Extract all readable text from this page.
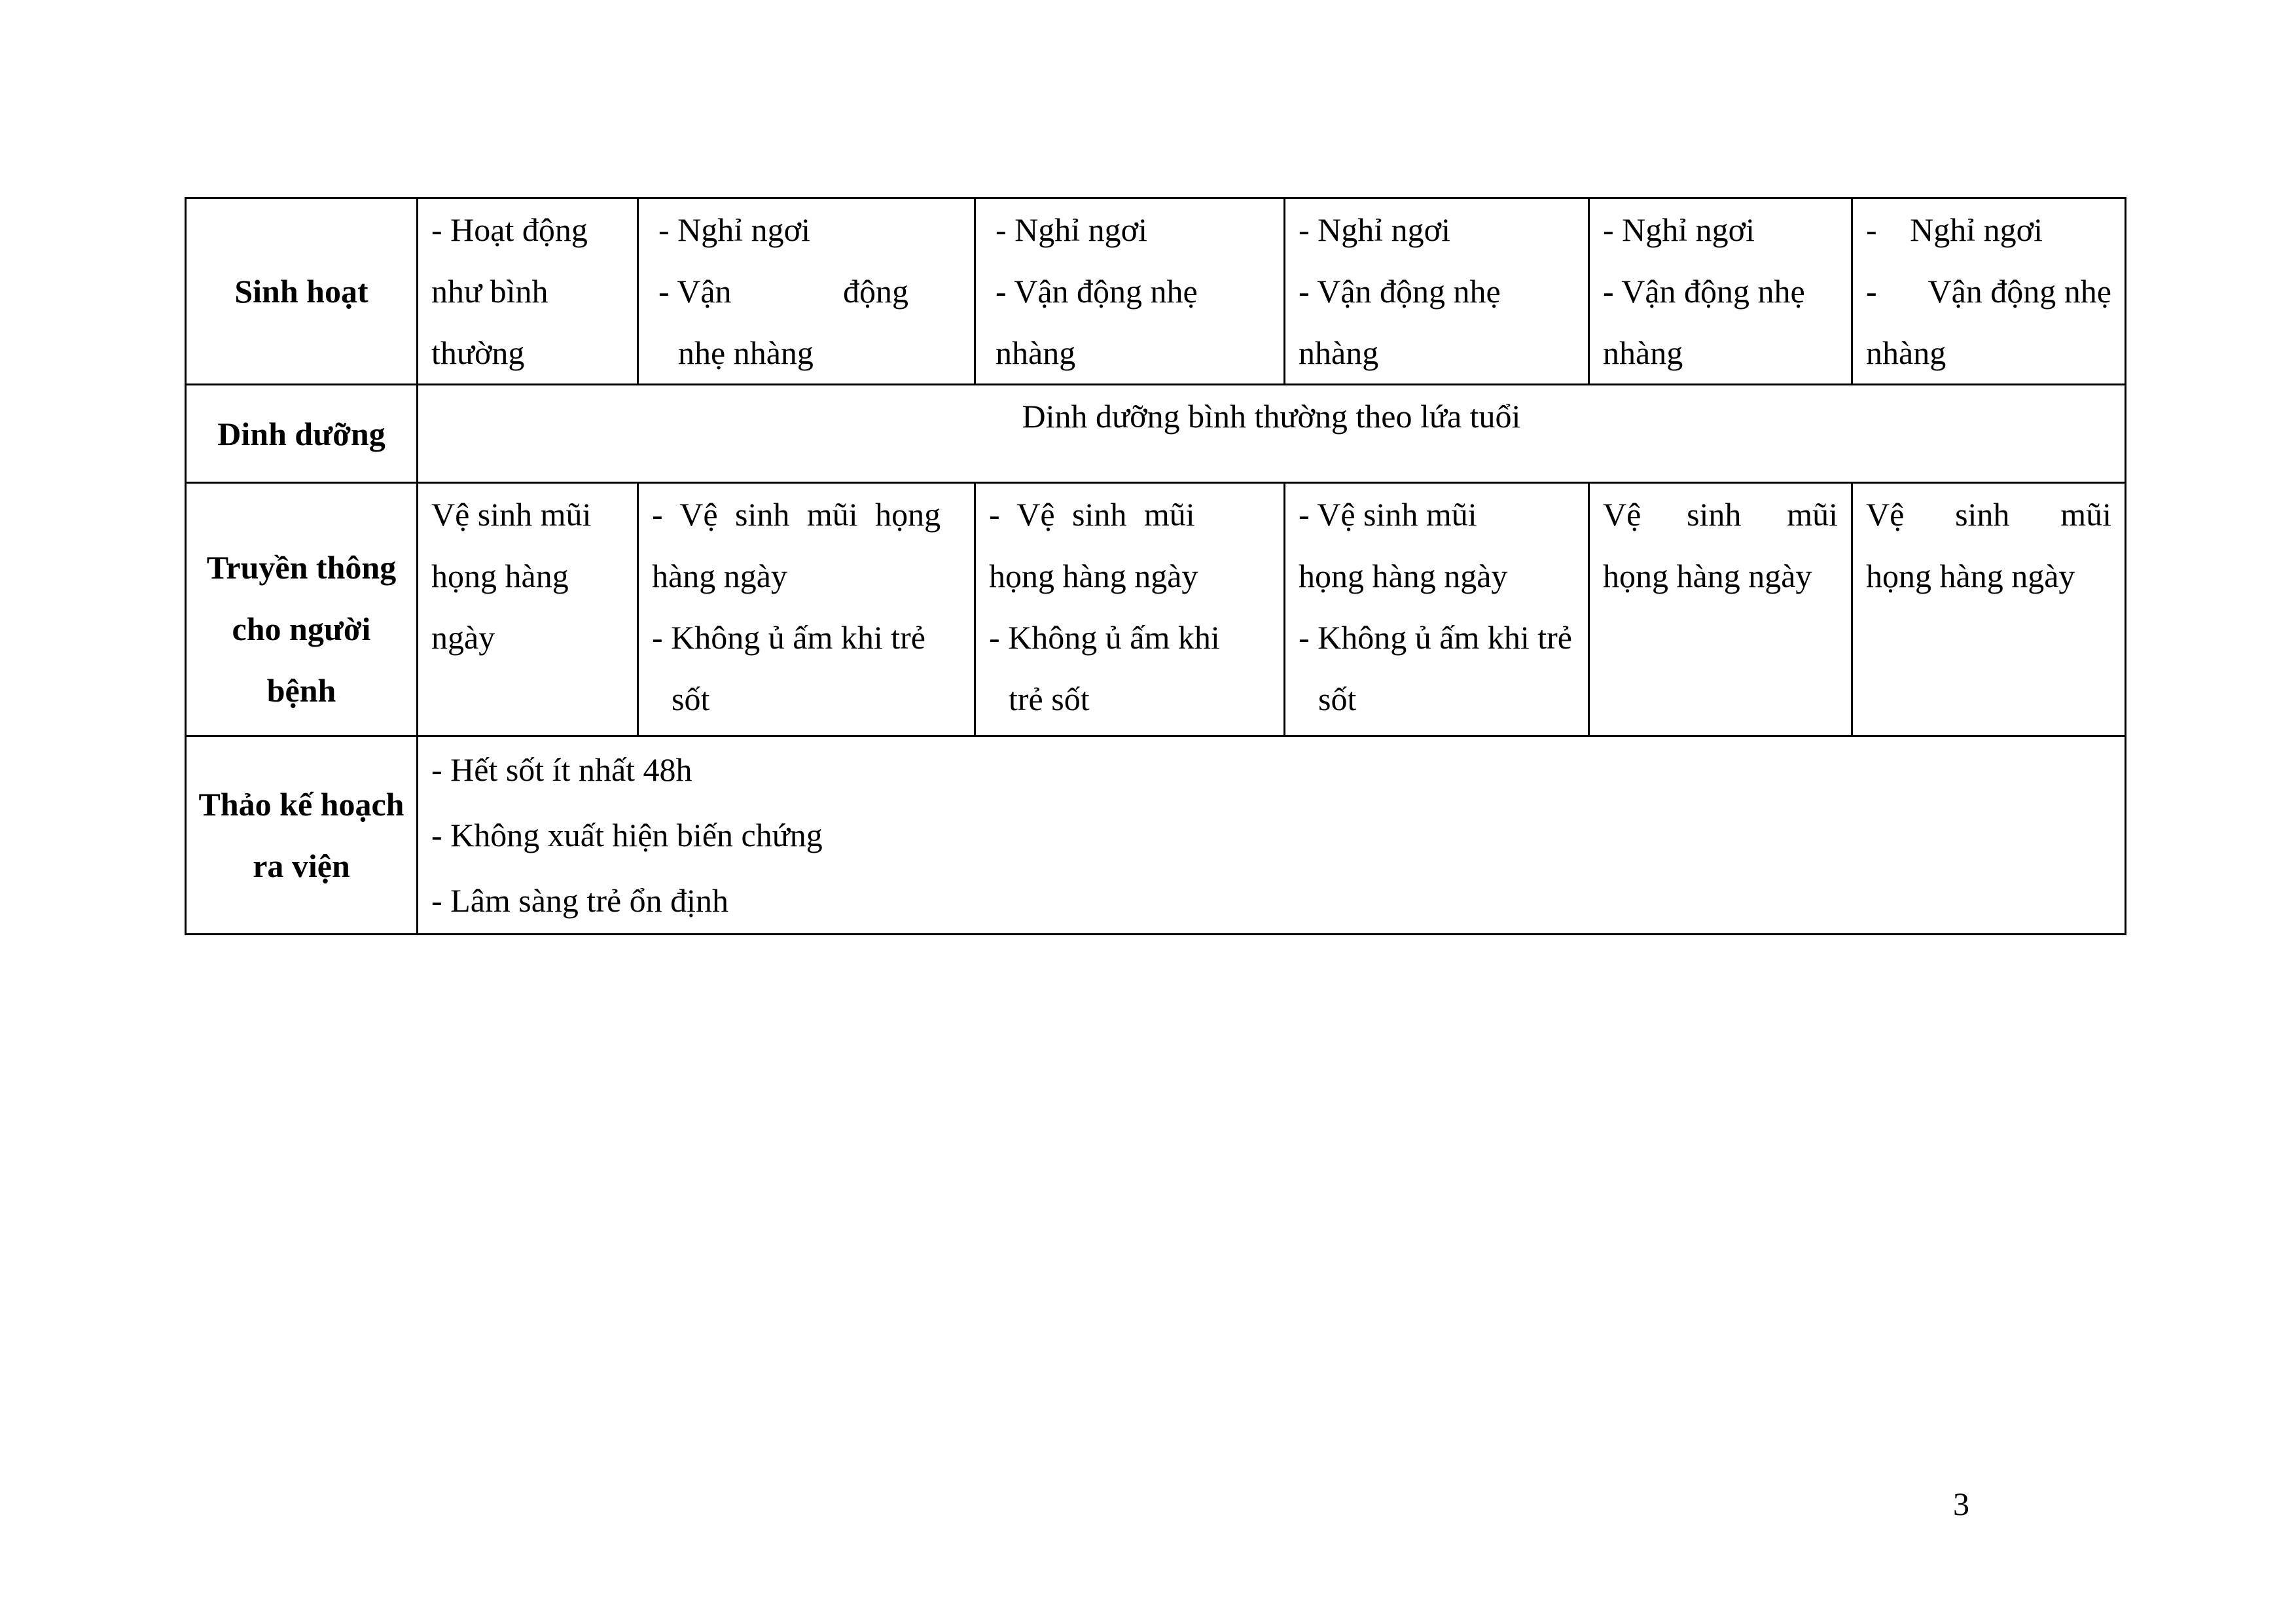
Sinh hoạt	- Hoạt động
như bình
thường	- Nghỉ ngơi
- Vận động
nhẹ nhàng	- Nghỉ ngơi
- Vận động nhẹ
nhàng	- Nghỉ ngơi
- Vận động nhẹ
nhàng	- Nghỉ ngơi
- Vận động nhẹ
nhàng	- Nghỉ ngơi
- Vận động nhẹ
nhàng

Dinh dưỡng	Dinh dưỡng bình thường theo lứa tuổi					

Truyền thông
cho người
bệnh	Vệ sinh mũi
họng hàng
ngày	- Vệ sinh mũi họng
hàng ngày
- Không ủ ấm khi trẻ
sốt	- Vệ sinh mũi
họng hàng ngày
- Không ủ ấm khi
trẻ sốt	- Vệ sinh mũi
họng hàng ngày
- Không ủ ấm khi trẻ
sốt	Vệ sinh mũi
họng hàng ngày	Vệ sinh mũi
họng hàng ngày

Thảo kế hoạch
ra viện	- Hết sốt ít nhất 48h
- Không xuất hiện biến chứng
- Lâm sàng trẻ ổn định					
3
